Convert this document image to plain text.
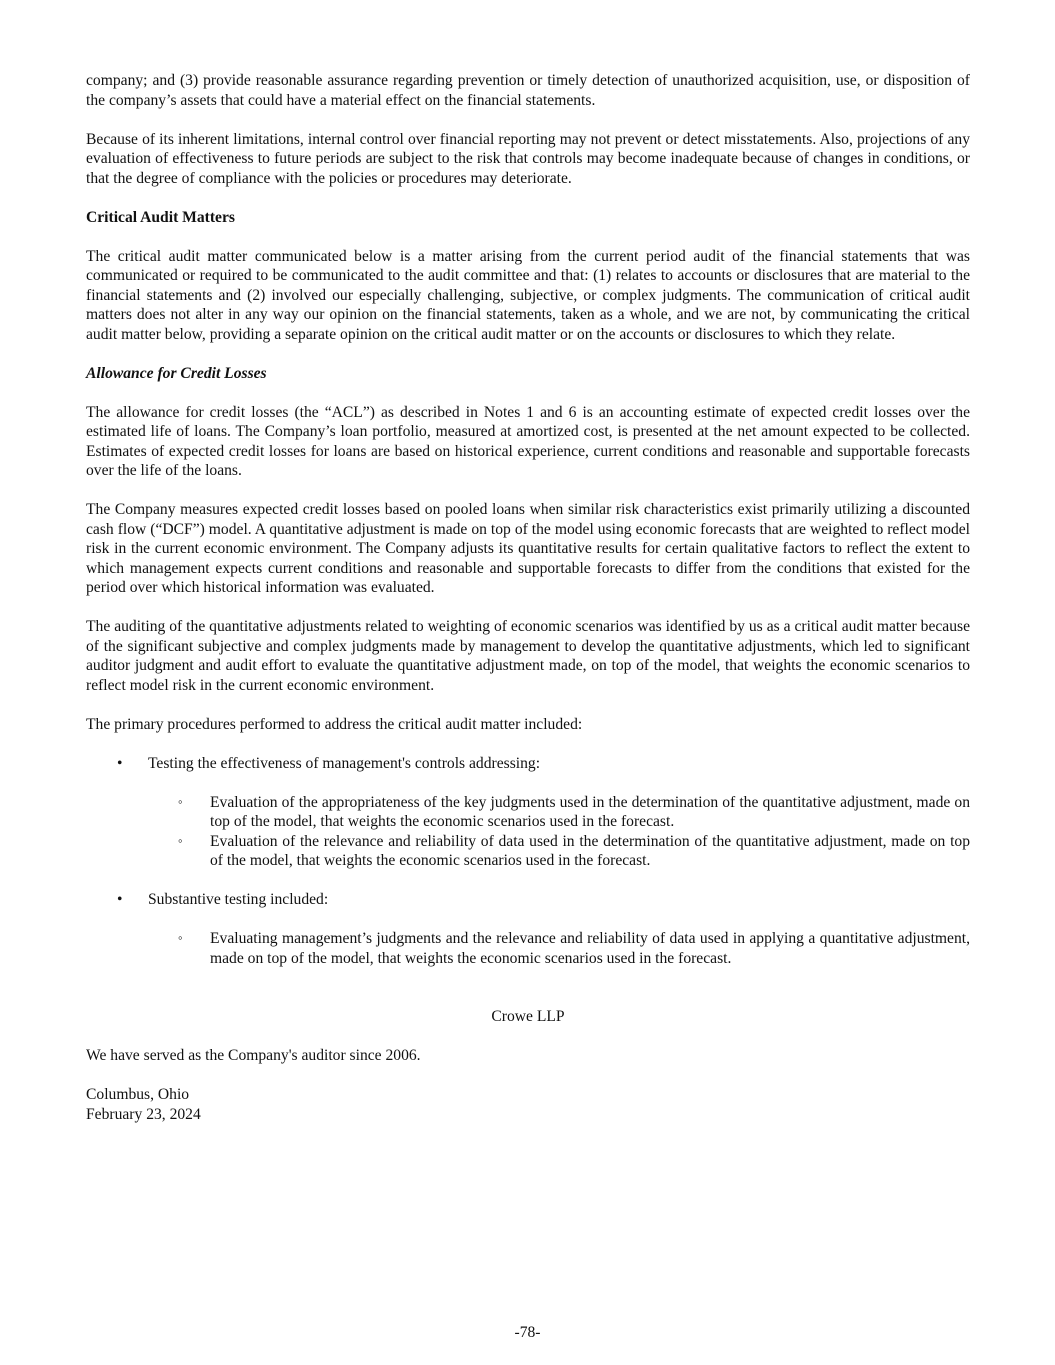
company; and (3) provide reasonable assurance regarding prevention or timely detection of unauthorized acquisition, use, or disposition of the company’s assets that could have a material effect on the financial statements.

Because of its inherent limitations, internal control over financial reporting may not prevent or detect misstatements. Also, projections of any evaluation of effectiveness to future periods are subject to the risk that controls may become inadequate because of changes in conditions, or that the degree of compliance with the policies or procedures may deteriorate.

Critical Audit Matters

The critical audit matter communicated below is a matter arising from the current period audit of the financial statements that was communicated or required to be communicated to the audit committee and that: (1) relates to accounts or disclosures that are material to the financial statements and (2) involved our especially challenging, subjective, or complex judgments. The communication of critical audit matters does not alter in any way our opinion on the financial statements, taken as a whole, and we are not, by communicating the critical audit matter below, providing a separate opinion on the critical audit matter or on the accounts or disclosures to which they relate.

Allowance for Credit Losses

The allowance for credit losses (the “ACL”) as described in Notes 1 and 6 is an accounting estimate of expected credit losses over the estimated life of loans. The Company’s loan portfolio, measured at amortized cost, is presented at the net amount expected to be collected. Estimates of expected credit losses for loans are based on historical experience, current conditions and reasonable and supportable forecasts over the life of the loans.

The Company measures expected credit losses based on pooled loans when similar risk characteristics exist primarily utilizing a discounted cash flow (“DCF”) model. A quantitative adjustment is made on top of the model using economic forecasts that are weighted to reflect model risk in the current economic environment. The Company adjusts its quantitative results for certain qualitative factors to reflect the extent to which management expects current conditions and reasonable and supportable forecasts to differ from the conditions that existed for the period over which historical information was evaluated.

The auditing of the quantitative adjustments related to weighting of economic scenarios was identified by us as a critical audit matter because of the significant subjective and complex judgments made by management to develop the quantitative adjustments, which led to significant auditor judgment and audit effort to evaluate the quantitative adjustment made, on top of the model, that weights the economic scenarios to reflect model risk in the current economic environment.

The primary procedures performed to address the critical audit matter included:

• Testing the effectiveness of management's controls addressing:
◦ Evaluation of the appropriateness of the key judgments used in the determination of the quantitative adjustment, made on top of the model, that weights the economic scenarios used in the forecast.
◦ Evaluation of the relevance and reliability of data used in the determination of the quantitative adjustment, made on top of the model, that weights the economic scenarios used in the forecast.
• Substantive testing included:
◦ Evaluating management’s judgments and the relevance and reliability of data used in applying a quantitative adjustment, made on top of the model, that weights the economic scenarios used in the forecast.
Crowe LLP

We have served as the Company's auditor since 2006.

Columbus, Ohio
February 23, 2024
-78-
